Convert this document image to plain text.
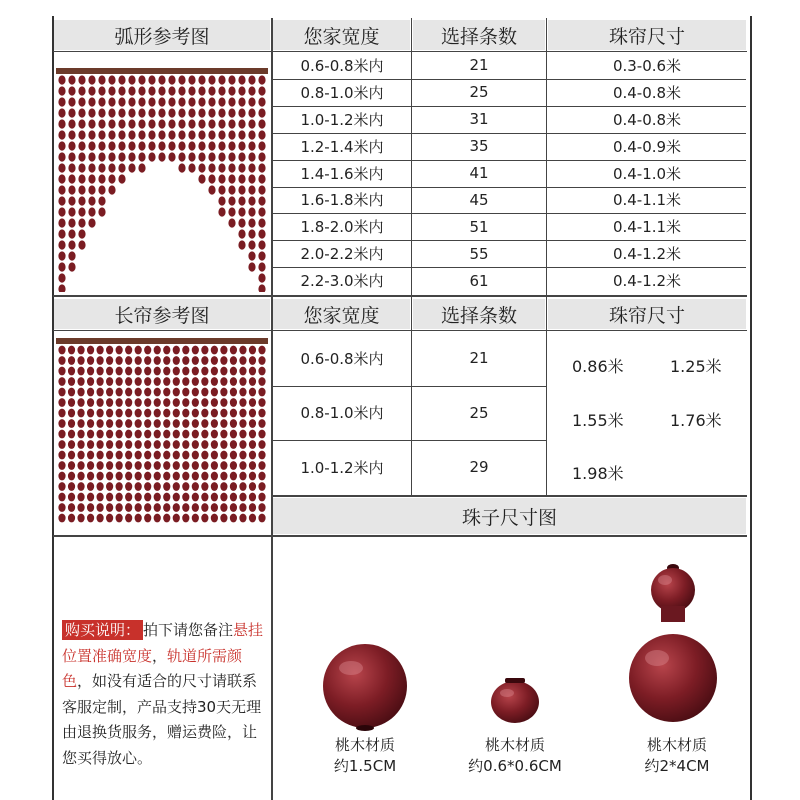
弧形参考图	您家宽度	选择条数	珠帘尺寸
0.6-0.8米内	21	0.3-0.6米
0.8-1.0米内	25	0.4-0.8米
1.0-1.2米内	31	0.4-0.8米
1.2-1.4米内	35	0.4-0.9米
1.4-1.6米内	41	0.4-1.0米
1.6-1.8米内	45	0.4-1.1米
1.8-2.0米内	51	0.4-1.1米
2.0-2.2米内	55	0.4-1.2米
2.2-3.0米内	61	0.4-1.2米
长帘参考图	您家宽度	选择条数	珠帘尺寸
0.6-0.8米内	21
0.8-1.0米内	25
1.0-1.2米内	29
0.86米	1.25米
1.55米	1.76米
1.98米
珠子尺寸图
购买说明： 拍下请您备注悬挂位置准确宽度，轨道所需颜色，如没有适合的尺寸请联系客服定制，产品支持30天无理由退换货服务，赠运费险，让您买得放心。
桃木材质
约1.5CM
桃木材质
约0.6*0.6CM
桃木材质
约2*4CM
